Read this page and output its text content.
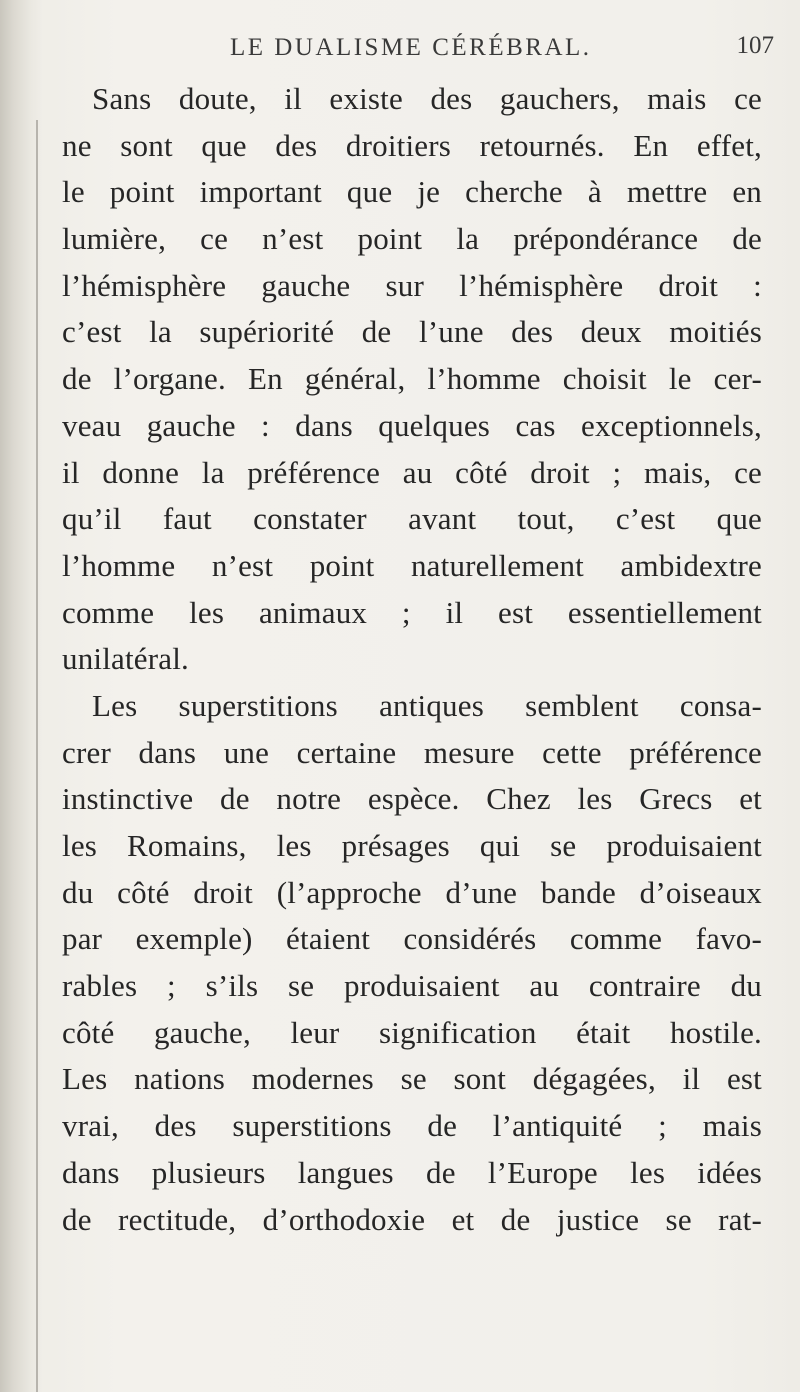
LE DUALISME CÉRÉBRAL.	107
Sans doute, il existe des gauchers, mais ce
ne sont que des droitiers retournés. En effet,
le point important que je cherche à mettre en
lumière, ce n’est point la prépondérance de
l’hémisphère gauche sur l’hémisphère droit :
c’est la supériorité de l’une des deux moitiés
de l’organe. En général, l’homme choisit le cer-
veau gauche : dans quelques cas exceptionnels,
il donne la préférence au côté droit ; mais, ce
qu’il faut constater avant tout, c’est que
l’homme n’est point naturellement ambidextre
comme les animaux ; il est essentiellement
unilatéral.
Les superstitions antiques semblent consa-
crer dans une certaine mesure cette préférence
instinctive de notre espèce. Chez les Grecs et
les Romains, les présages qui se produisaient
du côté droit (l’approche d’une bande d’oiseaux
par exemple) étaient considérés comme favo-
rables ; s’ils se produisaient au contraire du
côté gauche, leur signification était hostile.
Les nations modernes se sont dégagées, il est
vrai, des superstitions de l’antiquité ; mais
dans plusieurs langues de l’Europe les idées
de rectitude, d’orthodoxie et de justice se rat-
